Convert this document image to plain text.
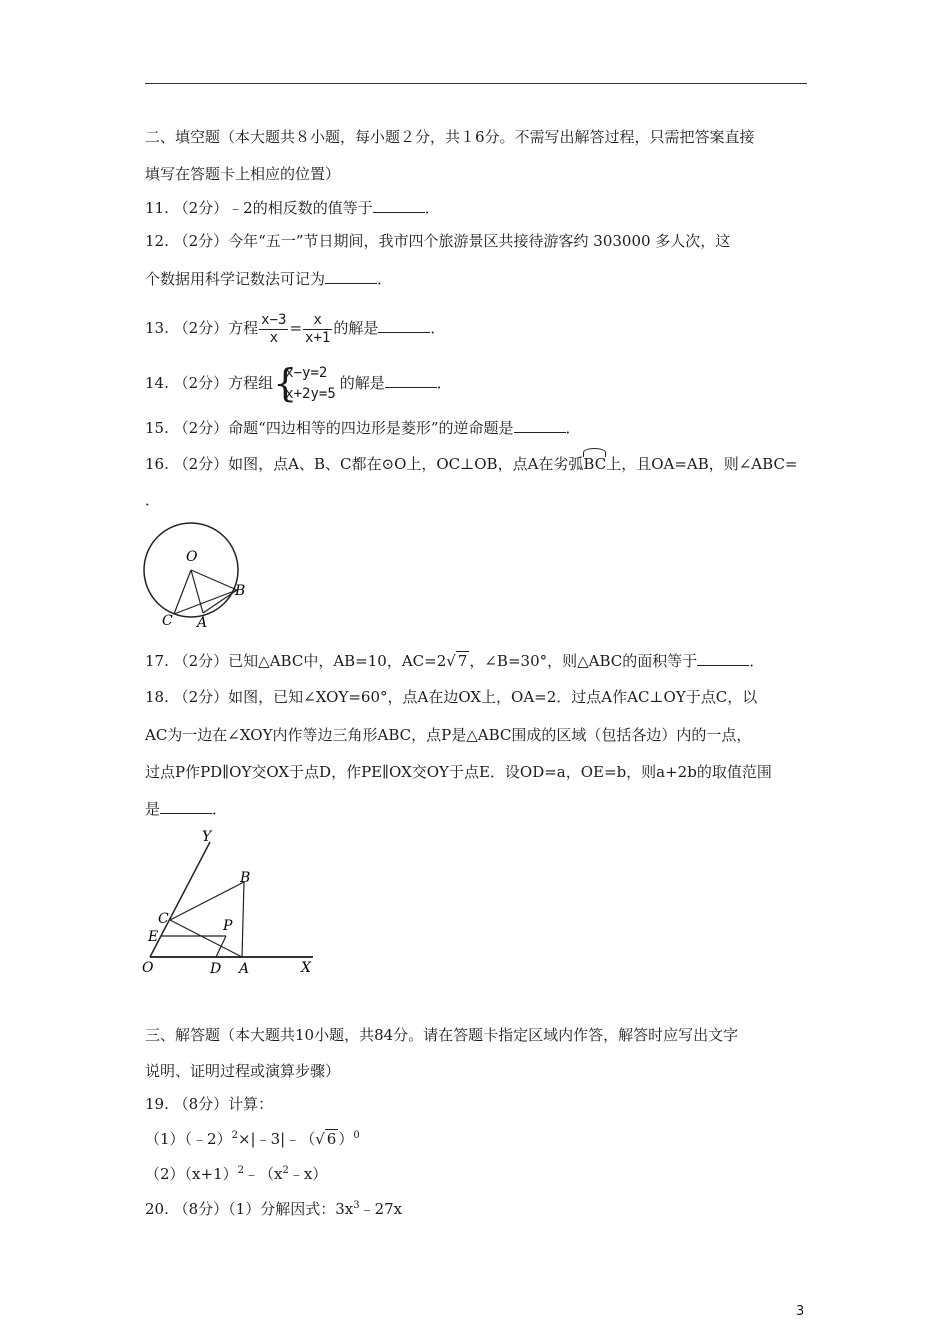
二、填空题（本大题共８小题，每小题２分，共１6分。不需写出解答过程，只需把答案直接
填写在答题卡上相应的位置）
11. （2分）﹣2的相反数的值等于	．
12. （2分）今年“五一”节日期间，我市四个旅游景区共接待游客约 303000 多人次，这
个数据用科学记数法可记为	．
13. （2分）方程 $\frac{x-3}{x} = \frac{x}{x+1}$ 的解是	．
14. （2分）方程组 {
x−y=2
x+2y=5
的解是	．
15. （2分）命题“四边相等的四边形是菱形”的逆命题是	．
16. （2分）如图，点A、B、C都在⊙O上，OC⊥OB，点A在劣弧BC上，且OA=AB，则∠ABC=
．
O
B
C A
17. （2分）已知△ABC中，AB=10，AC=2√ 7 ，∠B=30°，则△ABC的面积等于	．
18. （2分）如图，已知∠XOY=60°，点A在边OX上，OA=2．过点A作AC⊥OY于点C，以
AC为一边在∠XOY内作等边三角形ABC，点P是△ABC围成的区域（包括各边）内的一点，
过点P作PD∥OY交OX于点D，作PE∥OX交OY于点E．设OD=a，OE=b，则a+2b的取值范围
是	．
Y
B
C	P
E
O	D A	X
三、解答题（本大题共10小题，共84分。请在答题卡指定区域内作答，解答时应写出文字
说明、证明过程或演算步骤）
19. （8分）计算：
（1）（﹣2）$^2$×|﹣3|﹣（√ 6 ）$^0$
$(2)(x+1)^2﹣(x^2﹣x)$
20. （8分）（1）分解因式：$3x^3﹣27x$
3
